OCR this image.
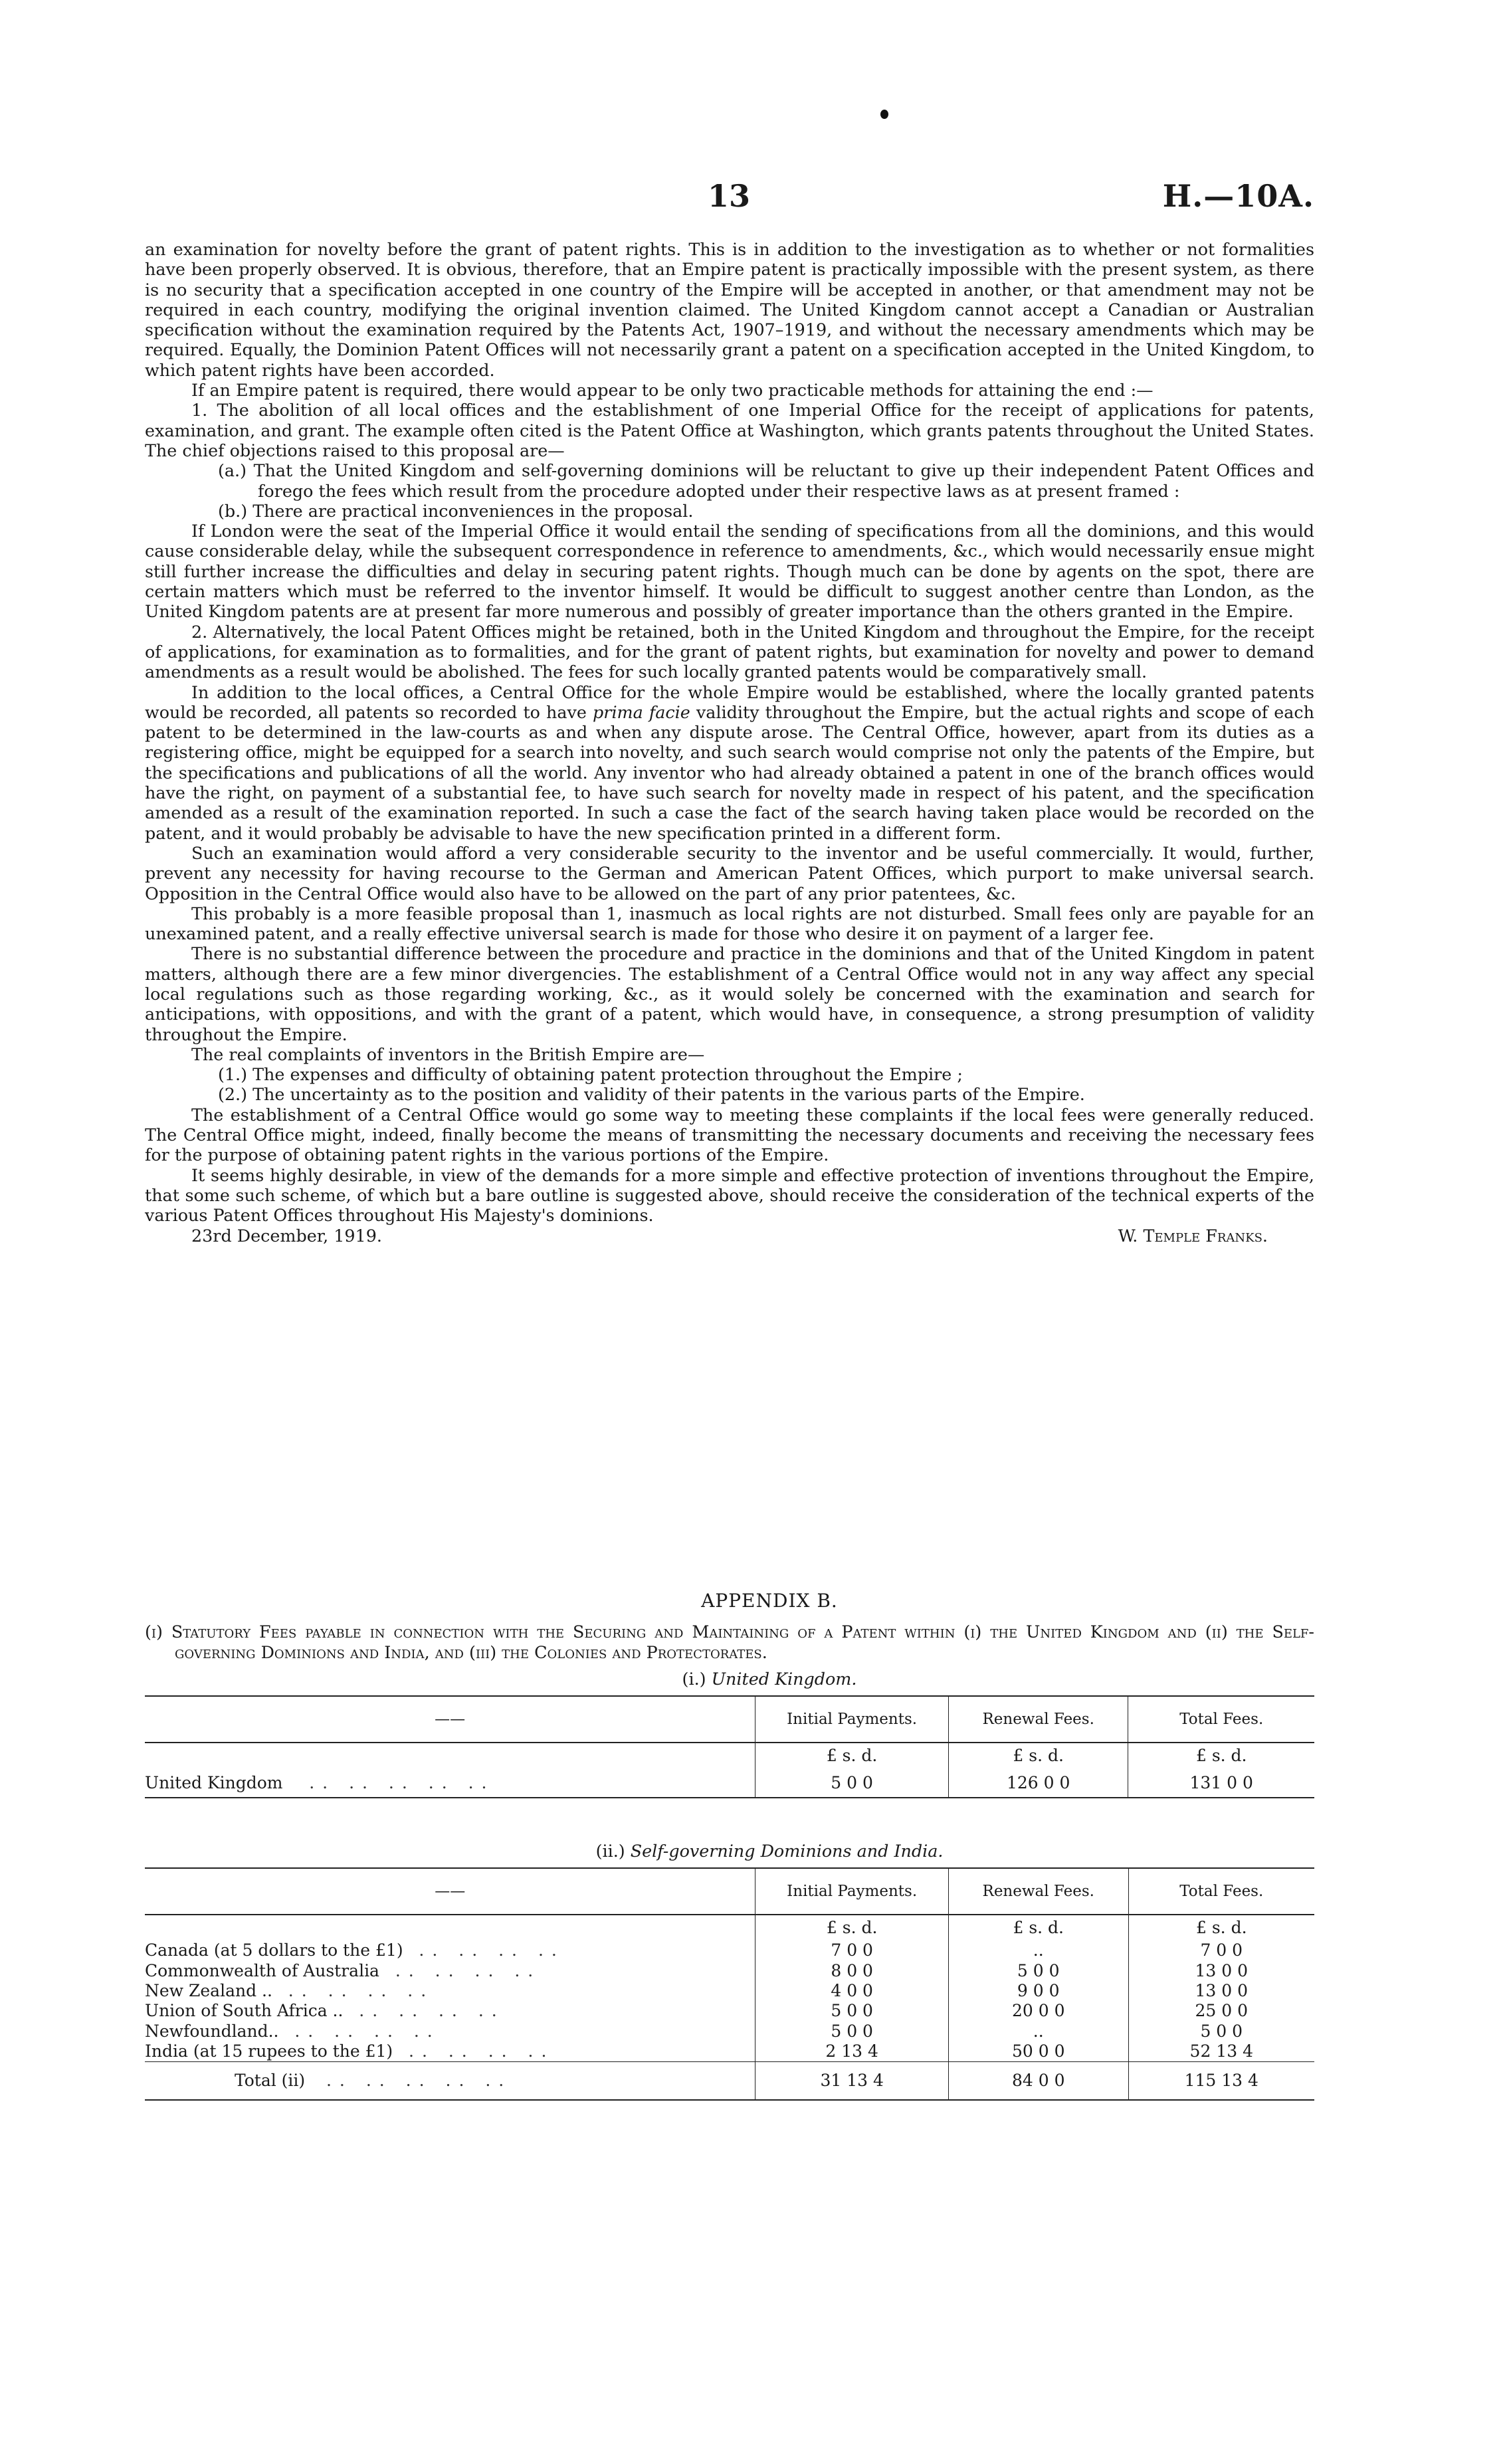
13	H.—10A.

an examination for novelty before the grant of patent rights. This is in addition to the investigation as to whether or not formalities have been properly observed. It is obvious, therefore, that an Empire patent is practically impossible with the present system, as there is no security that a specification accepted in one country of the Empire will be accepted in another, or that amendment may not be required in each country, modifying the original invention claimed. The United Kingdom cannot accept a Canadian or Australian specification without the examination required by the Patents Act, 1907–1919, and without the necessary amendments which may be required. Equally, the Dominion Patent Offices will not necessarily grant a patent on a specification accepted in the United Kingdom, to which patent rights have been accorded.

If an Empire patent is required, there would appear to be only two practicable methods for attaining the end :—

1. The abolition of all local offices and the establishment of one Imperial Office for the receipt of applications for patents, examination, and grant. The example often cited is the Patent Office at Washington, which grants patents throughout the United States. The chief objections raised to this proposal are—

(a.) That the United Kingdom and self-governing dominions will be reluctant to give up their independent Patent Offices and forego the fees which result from the procedure adopted under their respective laws as at present framed :

(b.) There are practical inconveniences in the proposal.

If London were the seat of the Imperial Office it would entail the sending of specifications from all the dominions, and this would cause considerable delay, while the subsequent correspondence in reference to amendments, &c., which would necessarily ensue might still further increase the difficulties and delay in securing patent rights. Though much can be done by agents on the spot, there are certain matters which must be referred to the inventor himself. It would be difficult to suggest another centre than London, as the United Kingdom patents are at present far more numerous and possibly of greater importance than the others granted in the Empire.

2. Alternatively, the local Patent Offices might be retained, both in the United Kingdom and throughout the Empire, for the receipt of applications, for examination as to formalities, and for the grant of patent rights, but examination for novelty and power to demand amendments as a result would be abolished. The fees for such locally granted patents would be comparatively small.

In addition to the local offices, a Central Office for the whole Empire would be established, where the locally granted patents would be recorded, all patents so recorded to have prima facie validity throughout the Empire, but the actual rights and scope of each patent to be determined in the law-courts as and when any dispute arose. The Central Office, however, apart from its duties as a registering office, might be equipped for a search into novelty, and such search would comprise not only the patents of the Empire, but the specifications and publications of all the world. Any inventor who had already obtained a patent in one of the branch offices would have the right, on payment of a substantial fee, to have such search for novelty made in respect of his patent, and the specification amended as a result of the examination reported. In such a case the fact of the search having taken place would be recorded on the patent, and it would probably be advisable to have the new specification printed in a different form.

Such an examination would afford a very considerable security to the inventor and be useful commercially. It would, further, prevent any necessity for having recourse to the German and American Patent Offices, which purport to make universal search. Opposition in the Central Office would also have to be allowed on the part of any prior patentees, &c.

This probably is a more feasible proposal than 1, inasmuch as local rights are not disturbed. Small fees only are payable for an unexamined patent, and a really effective universal search is made for those who desire it on payment of a larger fee.

There is no substantial difference between the procedure and practice in the dominions and that of the United Kingdom in patent matters, although there are a few minor divergencies. The establishment of a Central Office would not in any way affect any special local regulations such as those regarding working, &c., as it would solely be concerned with the examination and search for anticipations, with oppositions, and with the grant of a patent, which would have, in consequence, a strong presumption of validity throughout the Empire.

The real complaints of inventors in the British Empire are—

(1.) The expenses and difficulty of obtaining patent protection throughout the Empire ;

(2.) The uncertainty as to the position and validity of their patents in the various parts of the Empire.

The establishment of a Central Office would go some way to meeting these complaints if the local fees were generally reduced. The Central Office might, indeed, finally become the means of transmitting the necessary documents and receiving the necessary fees for the purpose of obtaining patent rights in the various portions of the Empire.

It seems highly desirable, in view of the demands for a more simple and effective protection of inventions throughout the Empire, that some such scheme, of which but a bare outline is suggested above, should receive the consideration of the technical experts of the various Patent Offices throughout His Majesty's dominions.

23rd December, 1919.	W. Temple Franks.
APPENDIX B.

(i) Statutory Fees payable in connection with the Securing and Maintaining of a Patent within (i) the United Kingdom and (ii) the Self-governing Dominions and India, and (iii) the Colonies and Protectorates.

(i.) United Kingdom.
——	Initial Payments.	Renewal Fees.	Total Fees.
	£ s. d.	£ s. d.	£ s. d.
United Kingdom .. .. .. .. ..	5 0 0	126 0 0	131 0 0
(ii.) Self-governing Dominions and India.
——	Initial Payments.	Renewal Fees.	Total Fees.
	£ s. d.	£ s. d.	£ s. d.
Canada (at 5 dollars to the £1) .. .. .. ..	7 0 0	..	7 0 0
Commonwealth of Australia .. .. .. ..	8 0 0	5 0 0	13 0 0
New Zealand .. .. .. .. ..	4 0 0	9 0 0	13 0 0
Union of South Africa .. .. .. .. ..	5 0 0	20 0 0	25 0 0
Newfoundland.. .. .. .. ..	5 0 0	..	5 0 0
India (at 15 rupees to the £1) .. .. .. ..	2 13 4	50 0 0	52 13 4
Total (ii) .. .. .. .. ..	31 13 4	84 0 0	115 13 4
